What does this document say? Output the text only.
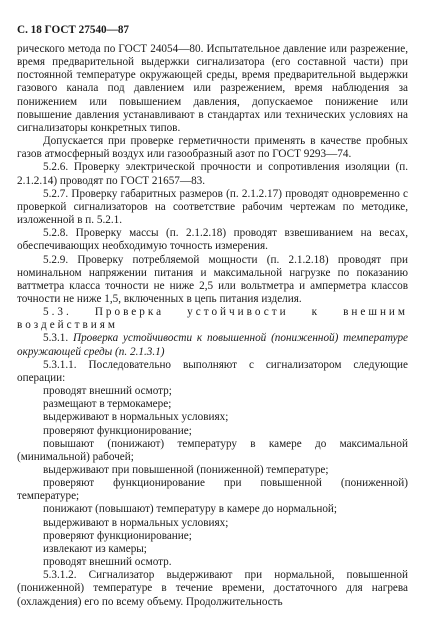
С. 18 ГОСТ 27540—87

рического метода по ГОСТ 24054—80. Испытательное давление или разрежение, время предварительной выдержки сигнализатора (его составной части) при постоянной температуре окружающей среды, время предварительной выдержки газового канала под давлением или разрежением, время наблюдения за понижением или повышением давления, допускаемое понижение или повышение давления устанавливают в стандартах или технических условиях на сигнализаторы конкретных типов.

Допускается при проверке герметичности применять в качестве пробных газов атмосферный воздух или газообразный азот по ГОСТ 9293—74.

5.2.6. Проверку электрической прочности и сопротивления изоляции (п. 2.1.2.14) проводят по ГОСТ 21657—83.

5.2.7. Проверку габаритных размеров (п. 2.1.2.17) проводят одновременно с проверкой сигнализаторов на соответствие рабочим чертежам по методике, изложенной в п. 5.2.1.

5.2.8. Проверку массы (п. 2.1.2.18) проводят взвешиванием на весах, обеспечивающих необходимую точность измерения.

5.2.9. Проверку потребляемой мощности (п. 2.1.2.18) проводят при номинальном напряжении питания и максимальной нагрузке по показанию ваттметра класса точности не ниже 2,5 или вольтметра и амперметра классов точности не ниже 1,5, включенных в цепь питания изделия.

5.3. Проверка устойчивости к внешним воздействиям

5.3.1. Проверка устойчивости к повышенной (пониженной) температуре окружающей среды (п. 2.1.3.1)

5.3.1.1. Последовательно выполняют с сигнализатором следующие операции:

проводят внешний осмотр;

размещают в термокамере;

выдерживают в нормальных условиях;

проверяют функционирование;

повышают (понижают) температуру в камере до максимальной (минимальной) рабочей;

выдерживают при повышенной (пониженной) температуре;

проверяют функционирование при повышенной (пониженной) температуре;

понижают (повышают) температуру в камере до нормальной;

выдерживают в нормальных условиях;

проверяют функционирование;

извлекают из камеры;

проводят внешний осмотр.

5.3.1.2. Сигнализатор выдерживают при нормальной, повышенной (пониженной) температуре в течение времени, достаточного для нагрева (охлаждения) его по всему объему. Продолжительность
